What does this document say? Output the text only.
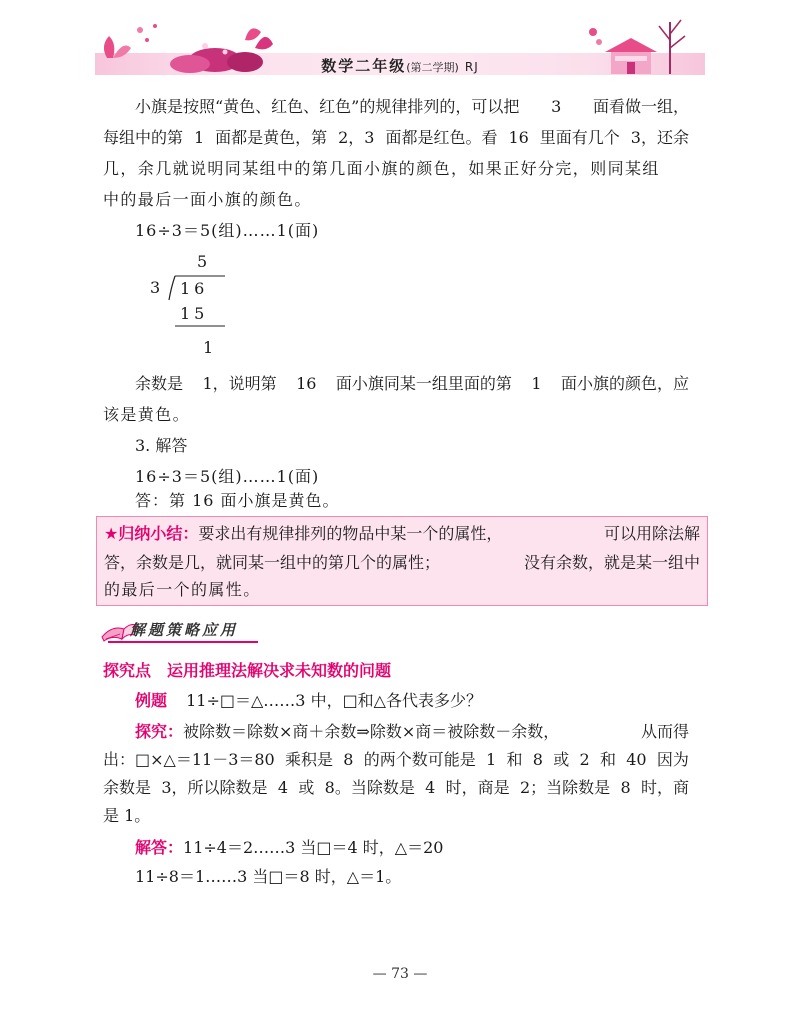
数学二年级(第二学期) RJ
小旗是按照“黄色、红色、红色”的规律排列的，可以把 3 面看做一组，
每组中的第 1 面都是黄色，第 2，3 面都是红色。看 16 里面有几个 3，还余
几，余几就说明同某组中的第几面小旗的颜色，如果正好分完，则同某组
中的最后一面小旗的颜色。
16÷3＝5(组)……1(面)
5
3 16
15
1
余数是 1，说明第 16 面小旗同某一组里面的第 1 面小旗的颜色，应
该是黄色。
3. 解答
16÷3＝5(组)……1(面)
答：第 16 面小旗是黄色。
★归纳小结：要求出有规律排列的物品中某一个的属性，	可以用除法解
答，余数是几，就同某一组中的第几个的属性；	没有余数，就是某一组中
的最后一个的属性。
解题策略应用
探究点　运用推理法解决求未知数的问题
例题 11÷□＝△……3 中，□和△各代表多少？
探究：被除数＝除数×商＋余数⇒除数×商＝被除数－余数，	从而得
出：□×△＝11－3＝80 乘积是 8 的两个数可能是 1 和 8 或 2 和 40 因为
余数是 3，所以除数是 4 或 8。当除数是 4 时，商是 2；当除数是 8 时，商
是 1。
解答：11÷4＝2……3 当□＝4 时，△＝20
11÷8＝1……3 当□＝8 时，△＝1。
— 73 —
